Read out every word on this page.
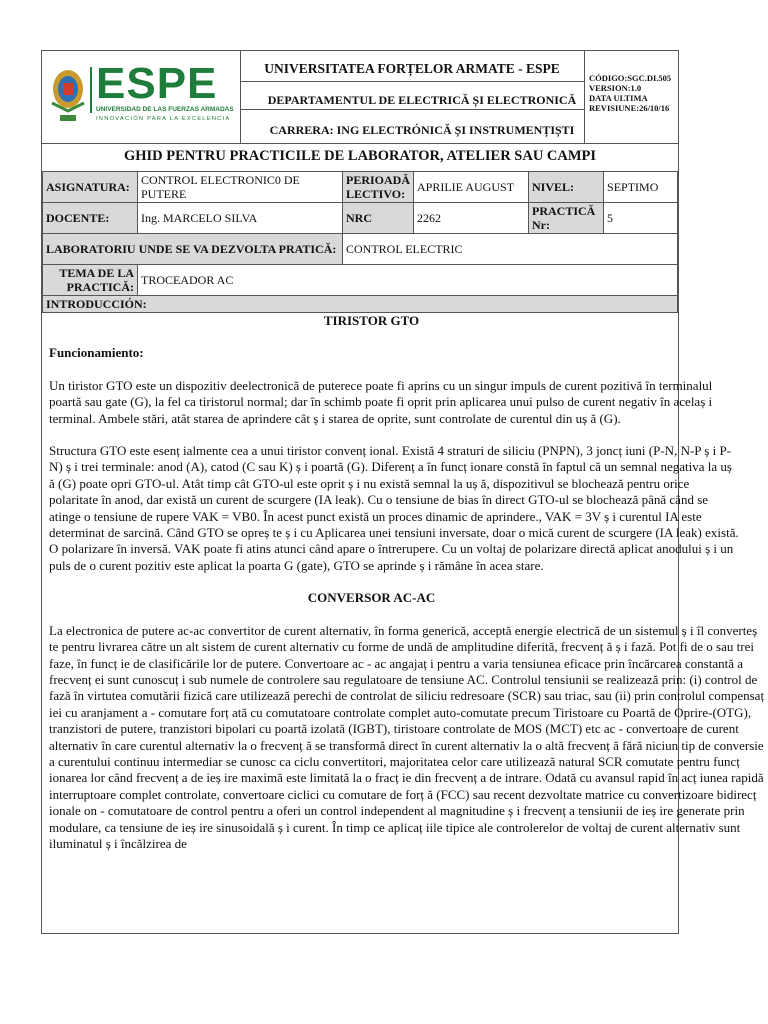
ESPE
UNIVERSIDAD DE LAS FUERZAS ARMADAS
INNOVACIÓN PARA LA EXCELENCIA
UNIVERSITATEA FORȚELOR ARMATE - ESPE
DEPARTAMENTUL DE ELECTRICĂ ȘI ELECTRONICĂ
CARRERA: ING ELECTRÓNICĂ ȘI INSTRUMENȚIȘTI
CÓDIGO:SGC.DI.505
VERSION:1.0
DATA ULTIMA
REVISIUNE:26/10/16
GHID PENTRU PRACTICILE DE LABORATOR, ATELIER SAU CAMPI
ASIGNATURA:	CONTROL ELECTRONIC0 DE PUTERE	PERIOADĂ LECTIVO:	APRILIE AUGUST	NIVEL:	SEPTIMO
DOCENTE:	Ing. MARCELO SILVA	NRC	2262	PRACTICĂ Nr:	5
LABORATORIU UNDE SE VA DEZVOLTA PRATICĂ:		CONTROL ELECTRIC			
TEMA DE LA PRACTICĂ:	TROCEADOR AC				
INTRODUCCIÓN:					

TIRISTOR GTO

Funcionamiento:

Un tiristor GTO este un dispozitiv deelectronică de puterece poate fi aprins cu un singur impuls de curent pozitivă în terminalul poartă sau gate (G), la fel ca tiristorul normal; dar în schimb poate fi oprit prin aplicarea unui pulso de curent negativ în acelaș i terminal. Ambele stări, atât starea de aprindere cât ș i starea de oprite, sunt controlate de curentul din uș ă (G).

Structura GTO este esenț ialmente cea a unui tiristor convenț ional. Există 4 straturi de siliciu (PNPN), 3 joncț iuni (P-N, N-P ș i P-N) ș i trei terminale: anod (A), catod (C sau K) ș i poartă (G). Diferenț a în funcț ionare constă în faptul că un semnal negativa la uș ă (G) poate opri GTO-ul. Atât timp cât GTO-ul este oprit ș i nu există semnal la uș ă, dispozitivul se blochează pentru orice polaritate în anod, dar există un curent de scurgere (IA leak). Cu o tensiune de bias în direct GTO-ul se blochează până când se atinge o tensiune de rupere VAK = VB0. În acest punct există un proces dinamic de aprindere., VAK = 3V ș i curentul IA este determinat de sarcină. Când GTO se opreș te ș i cu Aplicarea unei tensiuni inversate, doar o mică curent de scurgere (IA leak) există. O polarizare în inversă. VAK poate fi atins atunci când apare o întrerupere. Cu un voltaj de polarizare directă aplicat anodului ș i un puls de o curent pozitiv este aplicat la poarta G (gate), GTO se aprinde ș i rămâne în acea stare.

CONVERSOR AC-AC

La electronica de putere ac-ac convertitor de curent alternativ, în forma generică, acceptă energie electrică de un sistemul ș i îl converteș te pentru livrarea către un alt sistem de curent alternativ cu forme de undă de amplitudine diferită, frecvenț ă ș i fază. Pot fi de o sau trei faze, în funcț ie de clasificările lor de putere. Convertoare ac - ac angajaț i pentru a varia tensiunea eficace prin încărcarea constantă a frecvenț ei sunt cunoscuț i sub numele de controlere sau regulatoare de tensiune AC. Controlul tensiunii se realizează prin: (i) control de fază în virtutea comutării fizică care utilizează perechi de controlat de siliciu redresoare (SCR) sau triac, sau (ii) prin controlul compensaț iei cu aranjament a - comutare forț ată cu comutatoare controlate complet auto-comutate precum Tiristoare cu Poartă de Oprire-(OTG), tranzistori de putere, tranzistori bipolari cu poartă izolată (IGBT), tiristoare controlate de MOS (MCT) etc ac - convertoare de curent alternativ în care curentul alternativ la o frecvenț ă se transformă direct în curent alternativ la o altă frecvenț ă fără niciun tip de conversie a curentului continuu intermediar se cunosc ca ciclu convertitori, majoritatea celor care utilizează natural SCR comutate pentru funcț ionarea lor când frecvenț a de ieș ire maximă este limitată la o fracț ie din frecvenț a de intrare. Odată cu avansul rapid în acț iunea rapidă interruptoare complet controlate, convertoare ciclici cu comutare de forț ă (FCC) sau recent dezvoltate matrice cu convertizoare bidirecț ionale on - comutatoare de control pentru a oferi un control independent al magnitudine ș i frecvenț a tensiunii de ieș ire generate prin modulare, ca tensiune de ieș ire sinusoidală ș i curent. În timp ce aplicaț iile tipice ale controlerelor de voltaj de curent alternativ sunt iluminatul ș i încălzirea de
